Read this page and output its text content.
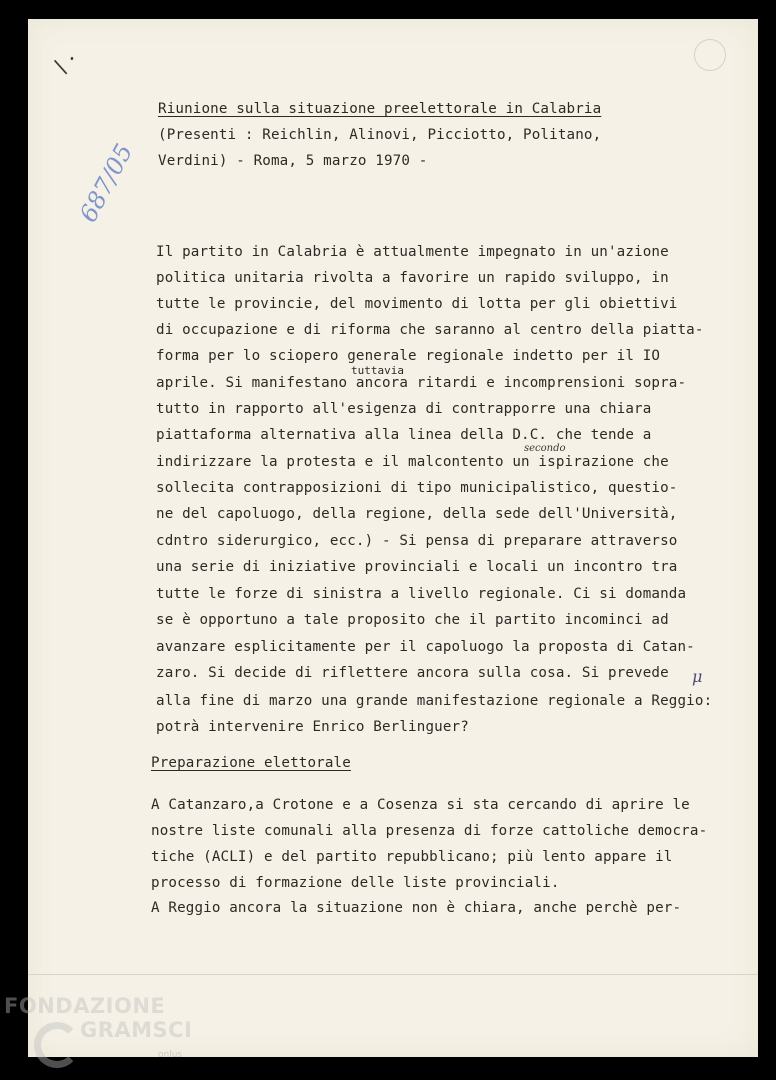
\ ·
687/05
Riunione sulla situazione preelettorale in Calabria
(Presenti : Reichlin, Alinovi, Picciotto, Politano,
Verdini) - Roma, 5 marzo 1970 -
Il partito in Calabria è attualmente impegnato in un'azione
politica unitaria rivolta a favorire un rapido sviluppo, in
tutte le provincie, del movimento di lotta per gli obiettivi
di occupazione e di riforma che saranno al centro della piatta-
forma per lo sciopero generale regionale indetto per il IO
tuttavia
aprile. Si manifestano ancora ritardi e incomprensioni sopra-
tutto in rapporto all'esigenza di contrapporre una chiara
piattaforma alternativa alla linea della D.C. che tende a
secondo
indirizzare la protesta e il malcontento un ispirazione che
sollecita contrapposizioni di tipo municipalistico, questio-
ne del capoluogo, della regione, della sede dell'Università,
cdntro siderurgico, ecc.) - Si pensa di preparare attraverso
una serie di iniziative provinciali e locali un incontro tra
tutte le forze di sinistra a livello regionale. Ci si domanda
se è opportuno a tale proposito che il partito incominci ad
avanzare esplicitamente per il capoluogo la proposta di Catan-
zaro. Si decide di riflettere ancora sulla cosa. Si prevede μ
alla fine di marzo una grande manifestazione regionale a Reggio:
potrà intervenire Enrico Berlinguer?
Preparazione elettorale
A Catanzaro,a Crotone e a Cosenza si sta cercando di aprire le
nostre liste comunali alla presenza di forze cattoliche democra-
tiche (ACLI) e del partito repubblicano; più lento appare il
processo di formazione delle liste provinciali.
A Reggio ancora la situazione non è chiara, anche perchè per-
FONDAZIONE
GRAMSCI
onlus
